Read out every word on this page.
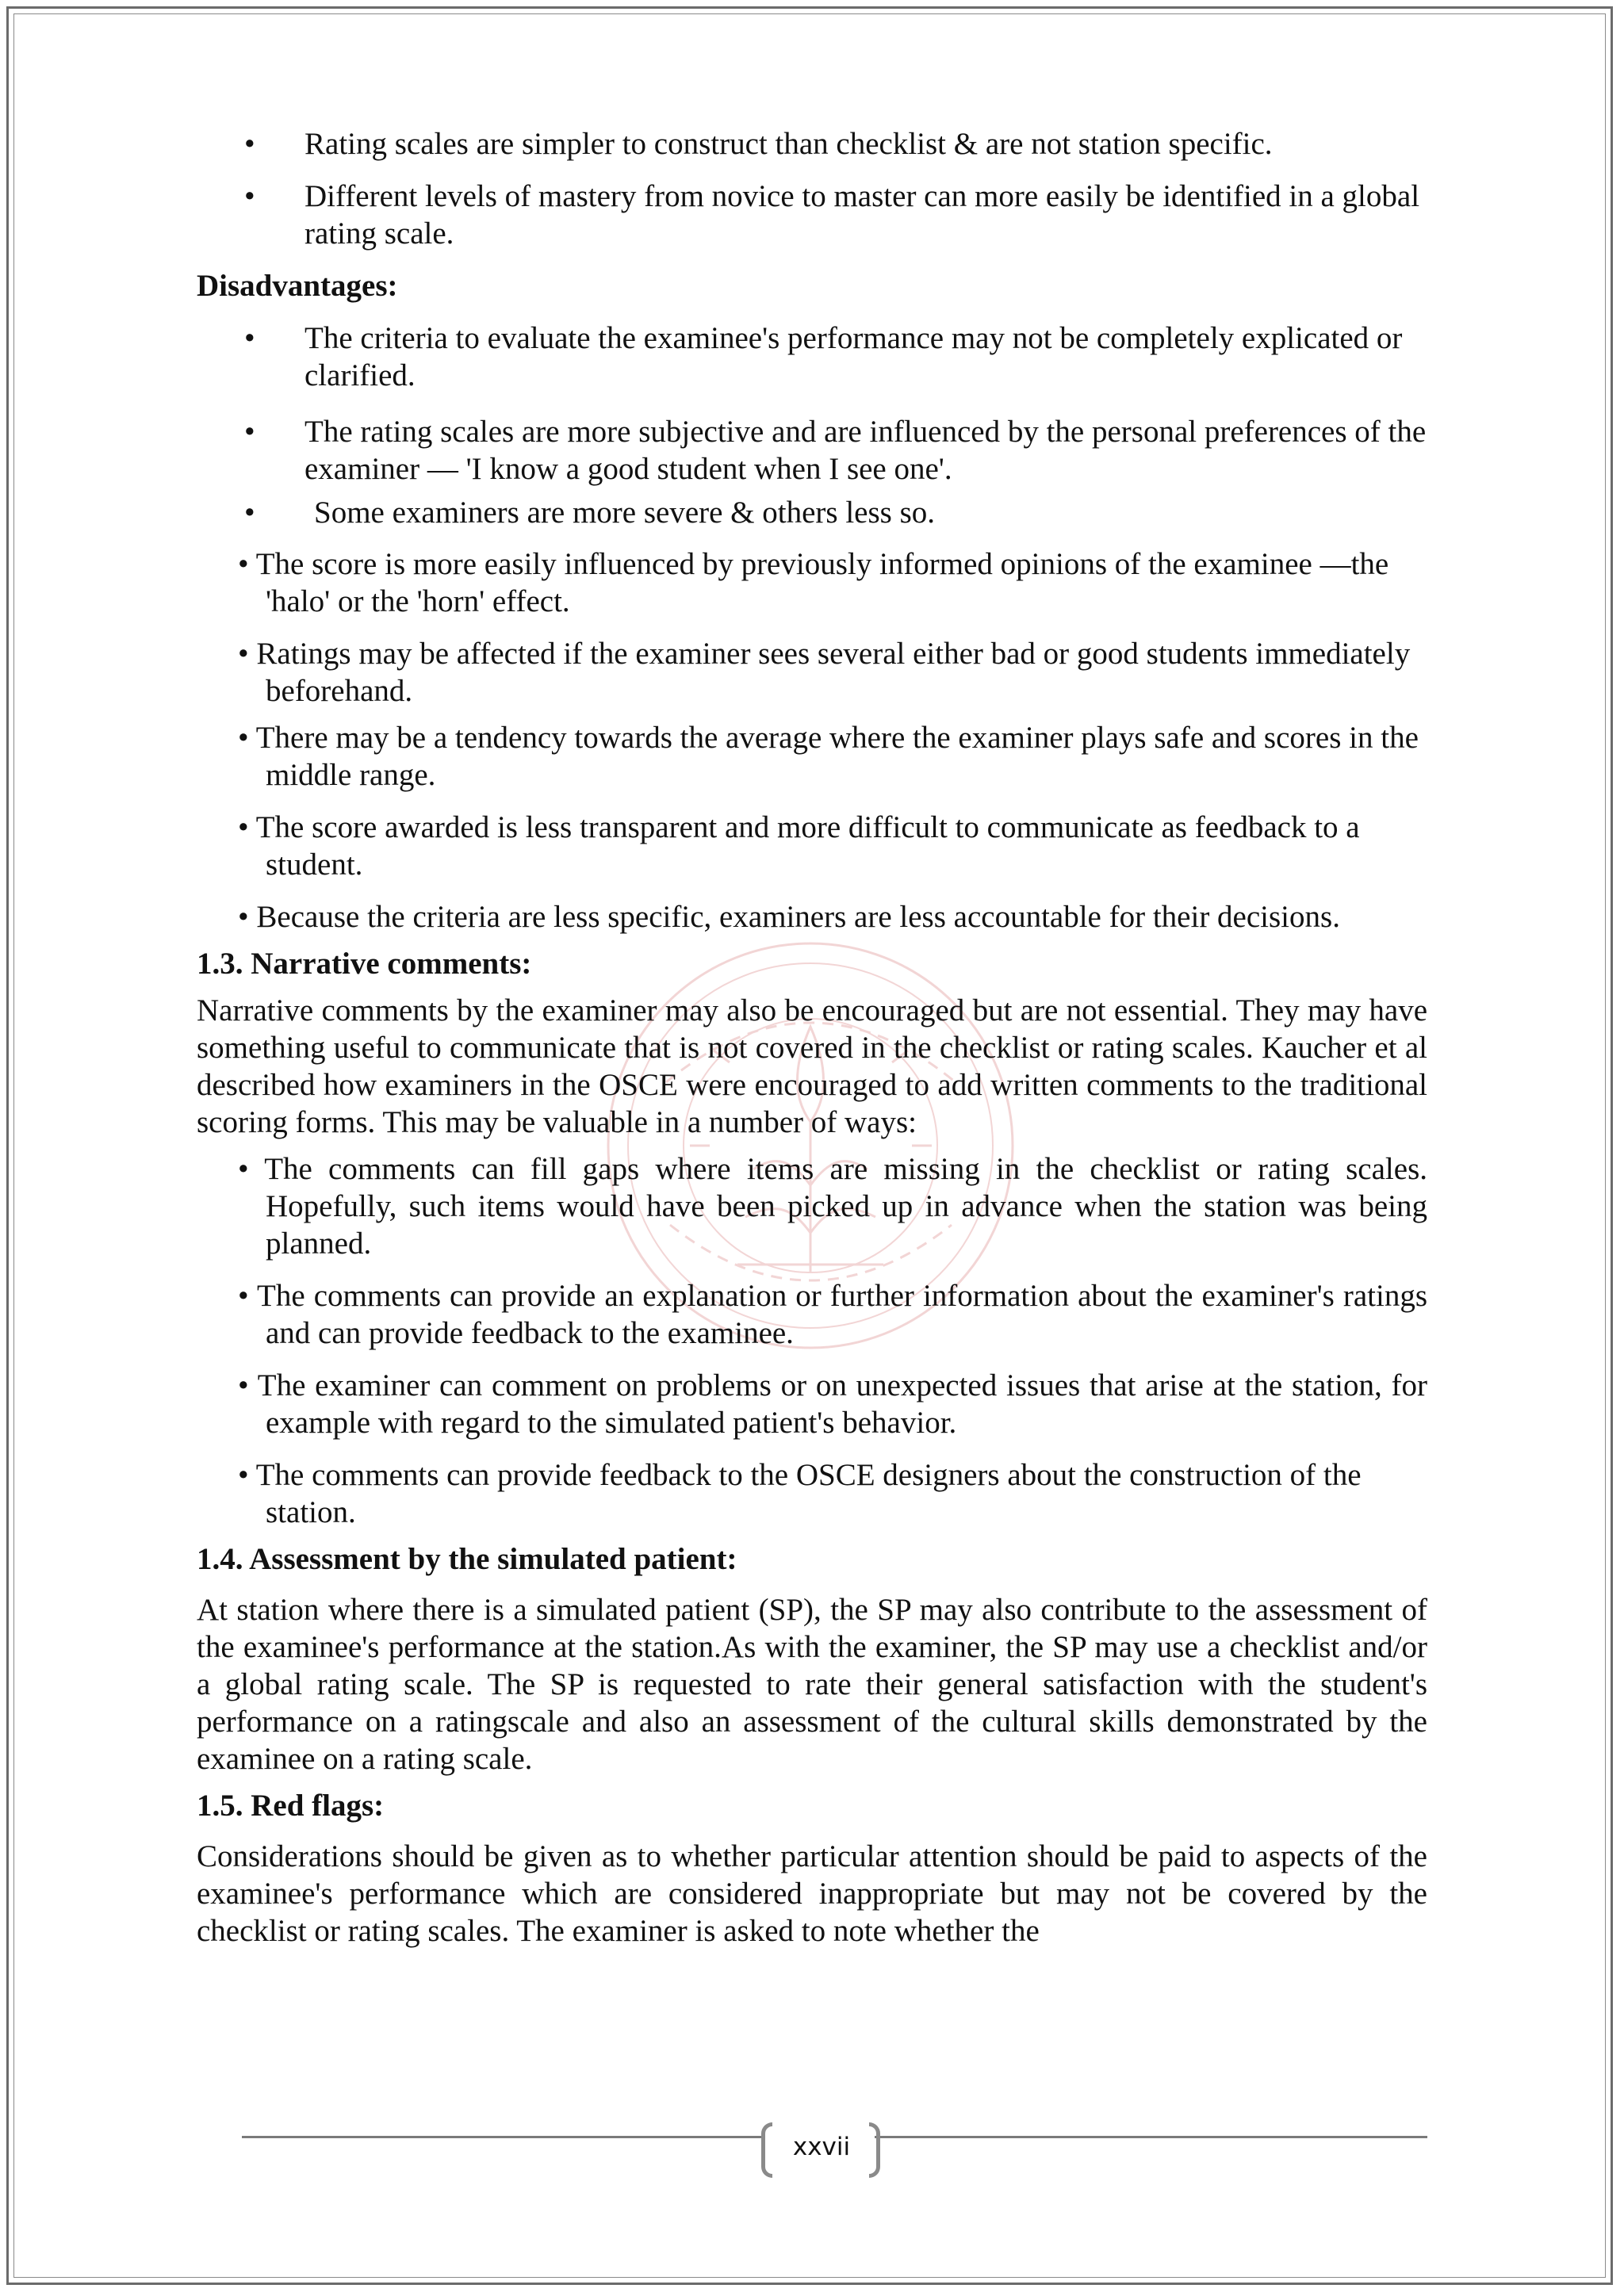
• Rating scales are simpler to construct than checklist & are not station specific.
• Different levels of mastery from novice to master can more easily be identified in a global rating scale.

Disadvantages:

• The criteria to evaluate the examinee's performance may not be completely explicated or clarified.
• The rating scales are more subjective and are influenced by the personal preferences of the examiner — 'I know a good student when I see one'.
• Some examiners are more severe & others less so.
• The score is more easily influenced by previously informed opinions of the examinee —the 'halo' or the 'horn' effect.
• Ratings may be affected if the examiner sees several either bad or good students immediately beforehand.
• There may be a tendency towards the average where the examiner plays safe and scores in the middle range.
• The score awarded is less transparent and more difficult to communicate as feedback to a student.
• Because the criteria are less specific, examiners are less accountable for their decisions.

1.3. Narrative comments:

Narrative comments by the examiner may also be encouraged but are not essential. They may have something useful to communicate that is not covered in the checklist or rating scales. Kaucher et al described how examiners in the OSCE were encouraged to add written comments to the traditional scoring forms. This may be valuable in a number of ways:

• The comments can fill gaps where items are missing in the checklist or rating scales. Hopefully, such items would have been picked up in advance when the station was being planned.
• The comments can provide an explanation or further information about the examiner's ratings and can provide feedback to the examinee.
• The examiner can comment on problems or on unexpected issues that arise at the station, for example with regard to the simulated patient's behavior.
• The comments can provide feedback to the OSCE designers about the construction of the station.

1.4. Assessment by the simulated patient:

At station where there is a simulated patient (SP), the SP may also contribute to the assessment of the examinee's performance at the station.As with the examiner, the SP may use a checklist and/or a global rating scale. The SP is requested to rate their general satisfaction with the student's performance on a ratingscale and also an assessment of the cultural skills demonstrated by the examinee on a rating scale.

1.5. Red flags:

Considerations should be given as to whether particular attention should be paid to aspects of the examinee's performance which are considered inappropriate but may not be covered by the checklist or rating scales. The examiner is asked to note whether the

xxvii
